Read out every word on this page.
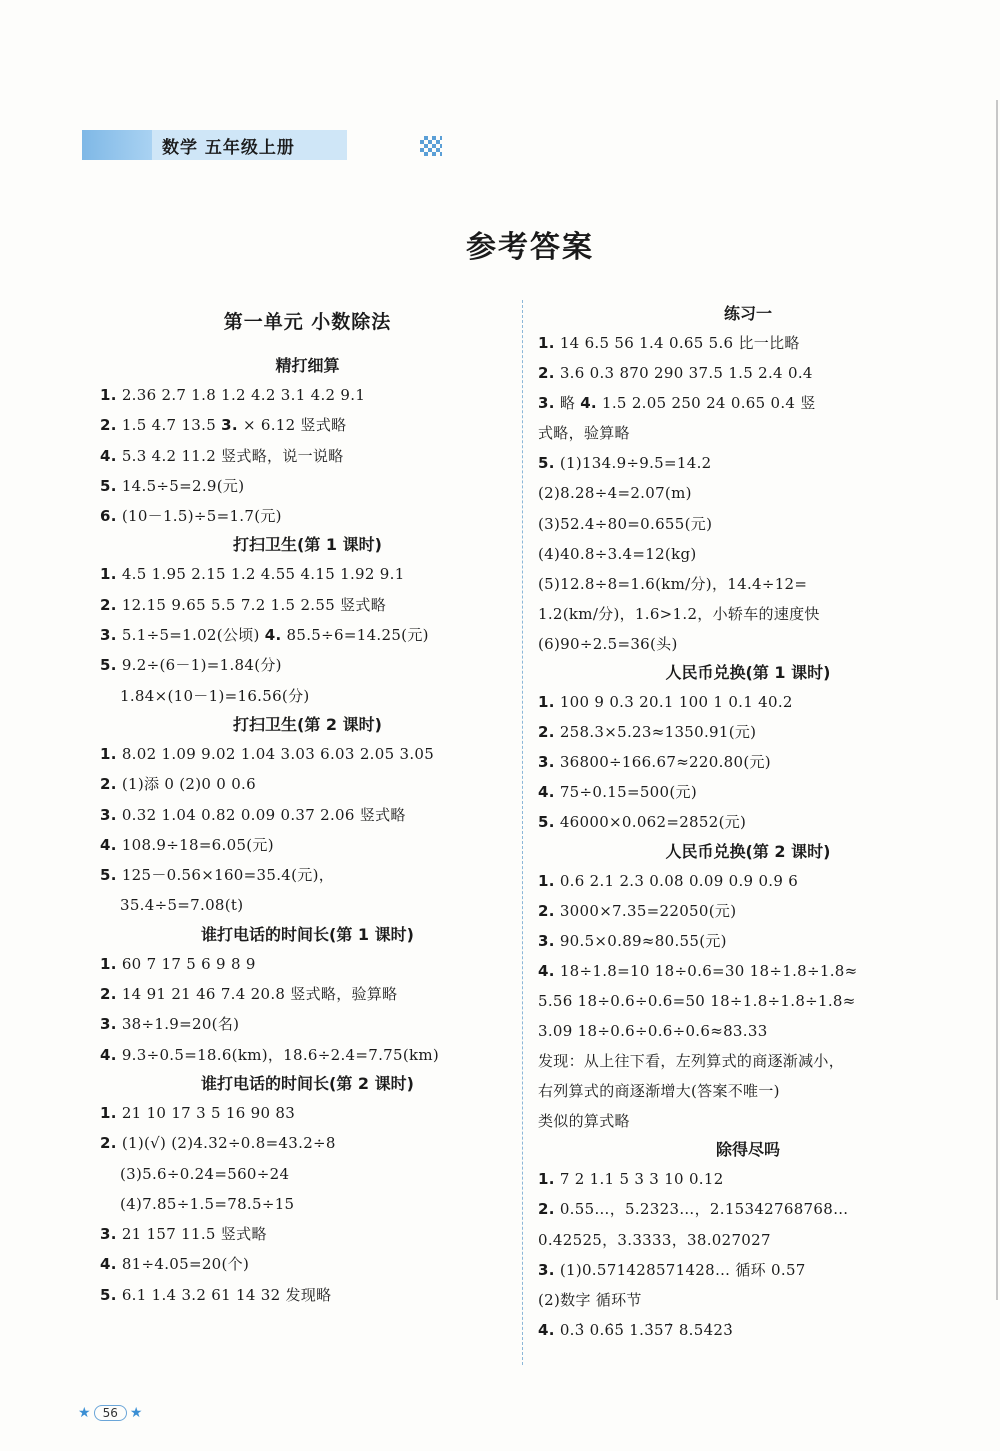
数学 五年级上册
参考答案
第一单元 小数除法
精打细算
1. 2.36 2.7 1.8 1.2 4.2 3.1 4.2 9.1
2. 1.5 4.7 13.5 3. × 6.12 竖式略
4. 5.3 4.2 11.2 竖式略，说一说略
5. 14.5÷5=2.9(元)
6. (10－1.5)÷5=1.7(元)
打扫卫生(第 1 课时)
1. 4.5 1.95 2.15 1.2 4.55 4.15 1.92 9.1
2. 12.15 9.65 5.5 7.2 1.5 2.55 竖式略
3. 5.1÷5=1.02(公顷) 4. 85.5÷6=14.25(元)
5. 9.2÷(6－1)=1.84(分)
1.84×(10－1)=16.56(分)
打扫卫生(第 2 课时)
1. 8.02 1.09 9.02 1.04 3.03 6.03 2.05 3.05
2. (1)添 0 (2)0 0 0.6
3. 0.32 1.04 0.82 0.09 0.37 2.06 竖式略
4. 108.9÷18=6.05(元)
5. 125－0.56×160=35.4(元)，
35.4÷5=7.08(t)
谁打电话的时间长(第 1 课时)
1. 60 7 17 5 6 9 8 9
2. 14 91 21 46 7.4 20.8 竖式略，验算略
3. 38÷1.9=20(名)
4. 9.3÷0.5=18.6(km)，18.6÷2.4=7.75(km)
谁打电话的时间长(第 2 课时)
1. 21 10 17 3 5 16 90 83
2. (1)(√) (2)4.32÷0.8=43.2÷8
(3)5.6÷0.24=560÷24
(4)7.85÷1.5=78.5÷15
3. 21 157 11.5 竖式略
4. 81÷4.05=20(个)
5. 6.1 1.4 3.2 61 14 32 发现略
练习一
1. 14 6.5 56 1.4 0.65 5.6 比一比略
2. 3.6 0.3 870 290 37.5 1.5 2.4 0.4
3. 略 4. 1.5 2.05 250 24 0.65 0.4 竖
式略，验算略
5. (1)134.9÷9.5=14.2
(2)8.28÷4=2.07(m)
(3)52.4÷80=0.655(元)
(4)40.8÷3.4=12(kg)
(5)12.8÷8=1.6(km/分)，14.4÷12=
1.2(km/分)，1.6>1.2，小轿车的速度快
(6)90÷2.5=36(头)
人民币兑换(第 1 课时)
1. 100 9 0.3 20.1 100 1 0.1 40.2
2. 258.3×5.23≈1350.91(元)
3. 36800÷166.67≈220.80(元)
4. 75÷0.15=500(元)
5. 46000×0.062=2852(元)
人民币兑换(第 2 课时)
1. 0.6 2.1 2.3 0.08 0.09 0.9 0.9 6
2. 3000×7.35=22050(元)
3. 90.5×0.89≈80.55(元)
4. 18÷1.8=10 18÷0.6=30 18÷1.8÷1.8≈
5.56 18÷0.6÷0.6=50 18÷1.8÷1.8÷1.8≈
3.09 18÷0.6÷0.6÷0.6≈83.33
发现：从上往下看，左列算式的商逐渐减小，
右列算式的商逐渐增大(答案不唯一)
类似的算式略
除得尽吗
1. 7 2 1.1 5 3 3 10 0.12
2. 0.55…，5.2323…，2.15342768768…
0.42525，3.3333，38.027027
3. (1)0.571428571428… 循环 0.57
(2)数字 循环节
4. 0.3̇ 0.6̇5̇ 1.3̇57̇ 8.54̇23̇
★ 56 ★
